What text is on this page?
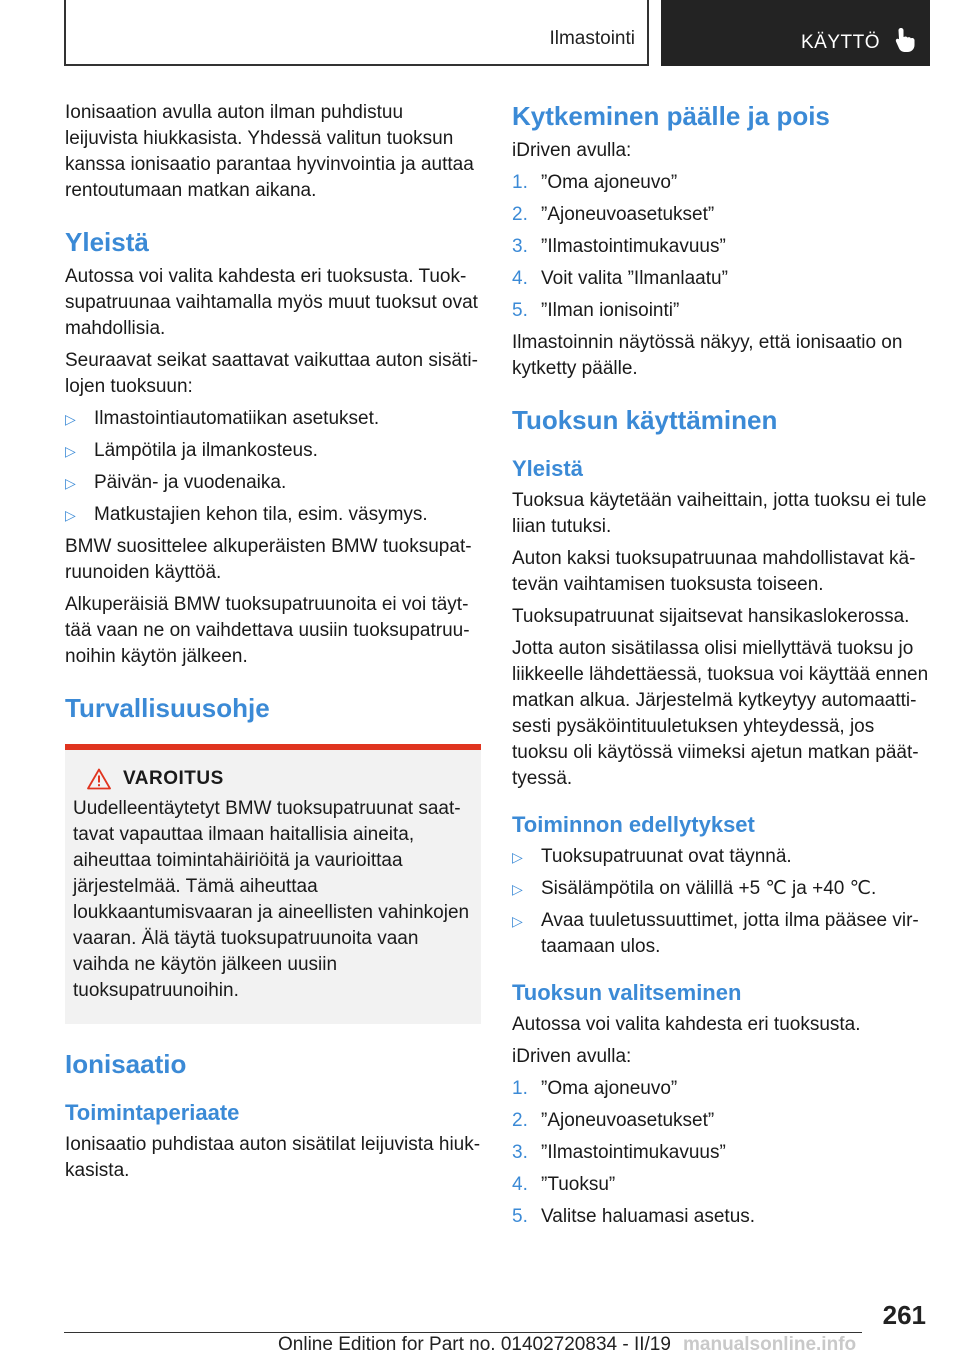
Ilmastointi	KÄYTTÖ

Ionisaation avulla auton ilman puhdistuu leijuvista hiukkasista. Yhdessä valitun tuoksun kanssa ionisaatio parantaa hyvinvointia ja auttaa rentoutumaan matkan aikana.

Yleistä

Autossa voi valita kahdesta eri tuoksusta. Tuoksupatruunaa vaihtamalla myös muut tuoksut ovat mahdollisia.

Seuraavat seikat saattavat vaikuttaa auton sisätilojen tuoksuun:

▷ Ilmastointiautomatiikan asetukset.
▷ Lämpötila ja ilmankosteus.
▷ Päivän- ja vuodenaika.
▷ Matkustajien kehon tila, esim. väsymys.

BMW suosittelee alkuperäisten BMW tuoksupatruunoiden käyttöä.

Alkuperäisiä BMW tuoksupatruunoita ei voi täyttää vaan ne on vaihdettava uusiin tuoksupatruunoihin käytön jälkeen.

Turvallisuusohje
VAROITUS

Uudelleentäytetyt BMW tuoksupatruunat saattavat vapauttaa ilmaan haitallisia aineita, aiheuttaa toimintahäiriöitä ja vaurioittaa järjestelmää. Tämä aiheuttaa loukkaantumisvaaran ja aineellisten vahinkojen vaaran. Älä täytä tuoksupatruunoita vaan vaihda ne käytön jälkeen uusiin tuoksupatruunoihin.

Ionisaatio
Toimintaperiaate

Ionisaatio puhdistaa auton sisätilat leijuvista hiukkasista.

Kytkeminen päälle ja pois

iDriven avulla:

1. ”Oma ajoneuvo”
2. ”Ajoneuvoasetukset”
3. ”Ilmastointimukavuus”
4. Voit valita ”Ilmanlaatu”
5. ”Ilman ionisointi”

Ilmastoinnin näytössä näkyy, että ionisaatio on kytketty päälle.

Tuoksun käyttäminen
Yleistä

Tuoksua käytetään vaiheittain, jotta tuoksu ei tule liian tutuksi.

Auton kaksi tuoksupatruunaa mahdollistavat kätevän vaihtamisen tuoksusta toiseen.

Tuoksupatruunat sijaitsevat hansikaslokerossa.

Jotta auton sisätilassa olisi miellyttävä tuoksu jo liikkeelle lähdettäessä, tuoksua voi käyttää ennen matkan alkua. Järjestelmä kytkeytyy automaattisesti pysäköintituuletuksen yhteydessä, jos tuoksu oli käytössä viimeksi ajetun matkan päättyessä.

Toiminnon edellytykset
▷ Tuoksupatruunat ovat täynnä.
▷ Sisälämpötila on välillä +5 ℃ ja +40 ℃.
▷ Avaa tuuletussuuttimet, jotta ilma pääsee virtaamaan ulos.
Tuoksun valitseminen

Autossa voi valita kahdesta eri tuoksusta.

iDriven avulla:

1. ”Oma ajoneuvo”
2. ”Ajoneuvoasetukset”
3. ”Ilmastointimukavuus”
4. ”Tuoksu”
5. Valitse haluamasi asetus.
261
Online Edition for Part no. 01402720834 - II/19 manualsonline.info
